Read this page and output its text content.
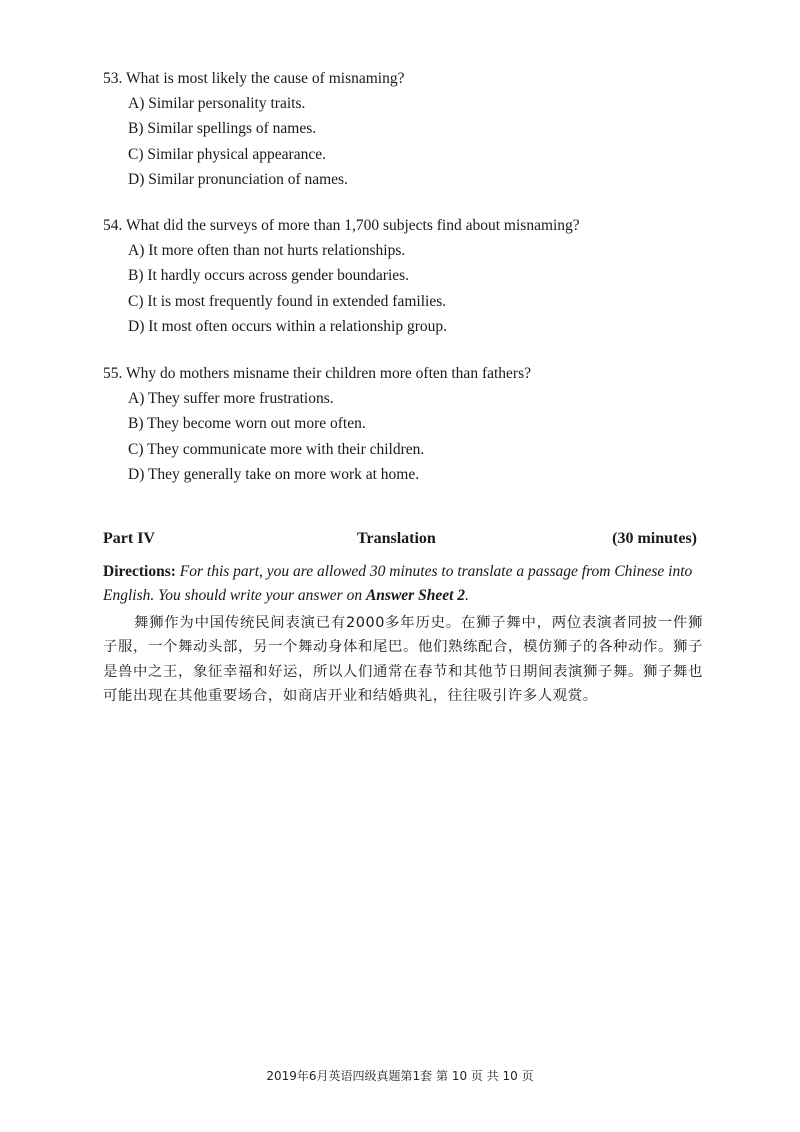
53. What is most likely the cause of misnaming?

A) Similar personality traits.
B) Similar spellings of names.
C) Similar physical appearance.
D) Similar pronunciation of names.

54. What did the surveys of more than 1,700 subjects find about misnaming?

A) It more often than not hurts relationships.
B) It hardly occurs across gender boundaries.
C) It is most frequently found in extended families.
D) It most often occurs within a relationship group.

55. Why do mothers misname their children more often than fathers?

A) They suffer more frustrations.
B) They become worn out more often.
C) They communicate more with their children.
D) They generally take on more work at home.
Part IV	Translation	(30 minutes)
Directions: For this part, you are allowed 30 minutes to translate a passage from Chinese into English. You should write your answer on Answer Sheet 2.

舞狮作为中国传统民间表演已有2000多年历史。在狮子舞中，两位表演者同披一件狮子服，一个舞动头部，另一个舞动身体和尾巴。他们熟练配合，模仿狮子的各种动作。狮子是兽中之王，象征幸福和好运，所以人们通常在春节和其他节日期间表演狮子舞。狮子舞也可能出现在其他重要场合，如商店开业和结婚典礼，往往吸引许多人观赏。

2019年6月英语四级真题第1套 第 10 页 共 10 页
